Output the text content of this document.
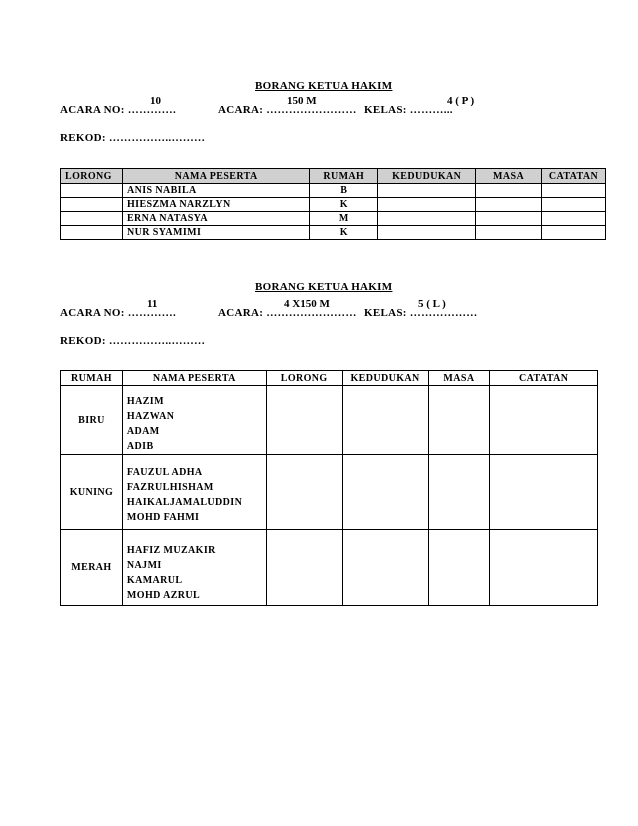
BORANG KETUA HAKIM
10	150 M	4 ( P )
ACARA NO: ………….	ACARA: …………………… KELAS: ………...
REKOD: ……………..………
LORONG	NAMA PESERTA	RUMAH	KEDUDUKAN	MASA	CATATAN
	ANIS NABILA	B			
	HIESZMA NARZLYN	K			
	ERNA NATASYA	M			
	NUR SYAMIMI	K			
BORANG KETUA HAKIM
11	4 X150 M	5 ( L )
ACARA NO: ………….	ACARA: …………………… KELAS: ………………
REKOD: ……………..………
RUMAH	NAMA PESERTA	LORONG	KEDUDUKAN	MASA	CATATAN
BIRU	HAZIM
HAZWAN
ADAM
ADIB				

KUNING	FAUZUL ADHA
FAZRULHISHAM
HAIKALJAMALUDDIN
MOHD FAHMI				

MERAH	HAFIZ MUZAKIR
NAJMI
KAMARUL
MOHD AZRUL				
